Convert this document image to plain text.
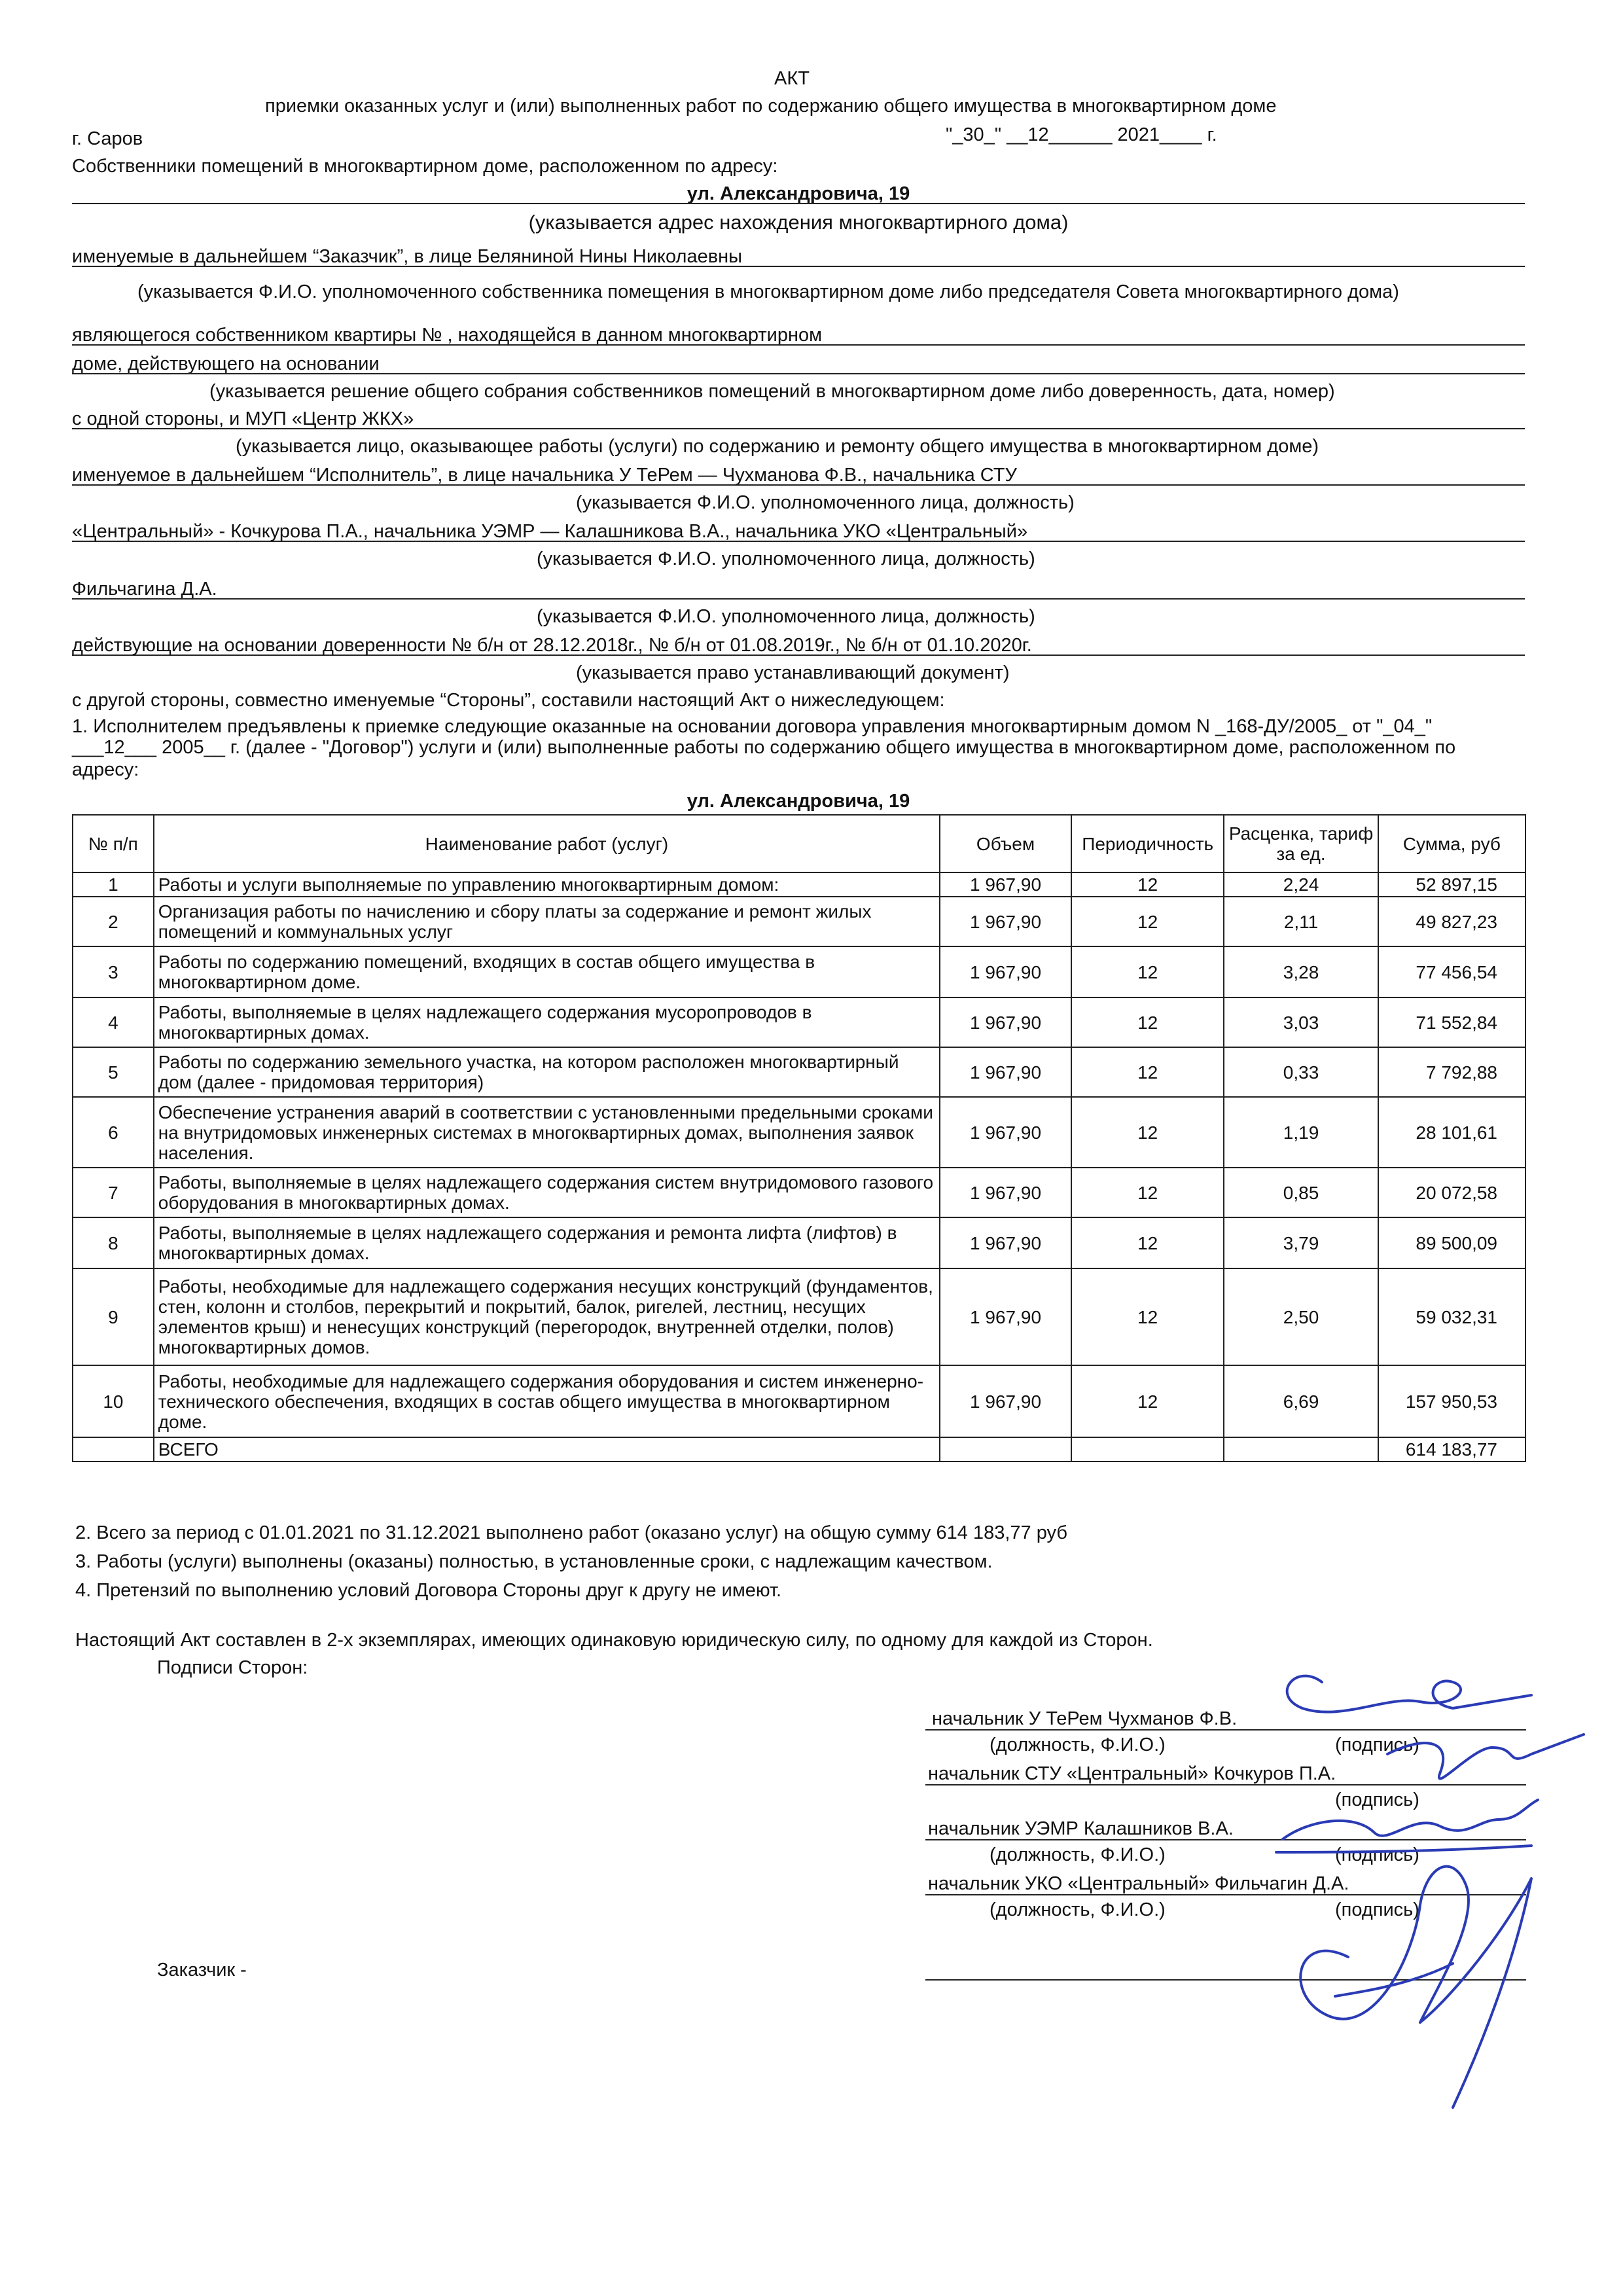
АКТ
приемки оказанных услуг и (или) выполненных работ по содержанию общего имущества в многоквартирном доме
г. Саров	"_30_" __12______ 2021____ г.
Собственники помещений в многоквартирном доме, расположенном по адресу:
ул. Александровича, 19
(указывается адрес нахождения многоквартирного дома)
именуемые в дальнейшем “Заказчик”, в лице Беляниной Нины Николаевны
(указывается Ф.И.О. уполномоченного собственника помещения в многоквартирном доме либо председателя Совета многоквартирного дома)
являющегося собственником квартиры № , находящейся в данном многоквартирном
доме, действующего на основании
(указывается решение общего собрания собственников помещений в многоквартирном доме либо доверенность, дата, номер)
с одной стороны, и МУП «Центр ЖКХ»
(указывается лицо, оказывающее работы (услуги) по содержанию и ремонту общего имущества в многоквартирном доме)
именуемое в дальнейшем “Исполнитель”, в лице начальника У ТеРем — Чухманова Ф.В., начальника СТУ
(указывается Ф.И.О. уполномоченного лица, должность)
«Центральный» - Кочкурова П.А., начальника УЭМР — Калашникова В.А., начальника УКО «Центральный»
(указывается Ф.И.О. уполномоченного лица, должность)
Фильчагина Д.А.
(указывается Ф.И.О. уполномоченного лица, должность)
действующие на основании доверенности № б/н от 28.12.2018г., № б/н от 01.08.2019г., № б/н от 01.10.2020г.
(указывается право устанавливающий документ)
с другой стороны, совместно именуемые “Стороны”, составили настоящий Акт о нижеследующем:
1. Исполнителем предъявлены к приемке следующие оказанные на основании договора управления многоквартирным домом N _168-ДУ/2005_ от "_04_"
___12___ 2005__ г. (далее - "Договор") услуги и (или) выполненные работы по содержанию общего имущества в многоквартирном доме, расположенном по
адресу:
ул. Александровича, 19
№ п/п	Наименование работ (услуг)	Объем	Периодичность	Расценка, тариф за ед.	Сумма, руб
1	Работы и услуги выполняемые по управлению многоквартирным домом:	1 967,90	12	2,24	52 897,15
2	Организация работы по начислению и сбору платы за содержание и ремонт жилых помещений и коммунальных услуг	1 967,90	12	2,11	49 827,23
3	Работы по содержанию помещений, входящих в состав общего имущества в многоквартирном доме.	1 967,90	12	3,28	77 456,54
4	Работы, выполняемые в целях надлежащего содержания мусоропроводов в многоквартирных домах.	1 967,90	12	3,03	71 552,84
5	Работы по содержанию земельного участка, на котором расположен многоквартирный дом (далее - придомовая территория)	1 967,90	12	0,33	7 792,88
6	Обеспечение устранения аварий в соответствии с установленными предельными сроками на внутридомовых инженерных системах в многоквартирных домах, выполнения заявок населения.	1 967,90	12	1,19	28 101,61
7	Работы, выполняемые в целях надлежащего содержания систем внутридомового газового оборудования в многоквартирных домах.	1 967,90	12	0,85	20 072,58
8	Работы, выполняемые в целях надлежащего содержания и ремонта лифта (лифтов) в многоквартирных домах.	1 967,90	12	3,79	89 500,09
9	Работы, необходимые для надлежащего содержания несущих конструкций (фундаментов, стен, колонн и столбов, перекрытий и покрытий, балок, ригелей, лестниц, несущих элементов крыш) и ненесущих конструкций (перегородок, внутренней отделки, полов) многоквартирных домов.	1 967,90	12	2,50	59 032,31
10	Работы, необходимые для надлежащего содержания оборудования и систем инженерно-технического обеспечения, входящих в состав общего имущества в многоквартирном доме.	1 967,90	12	6,69	157 950,53
	ВСЕГО				614 183,77
2. Всего за период с 01.01.2021 по 31.12.2021 выполнено работ (оказано услуг) на общую сумму 614 183,77 руб
3. Работы (услуги) выполнены (оказаны) полностью, в установленные сроки, с надлежащим качеством.
4. Претензий по выполнению условий Договора Стороны друг к другу не имеют.
Настоящий Акт составлен в 2-х экземплярах, имеющих одинаковую юридическую силу, по одному для каждой из Сторон.
Подписи Сторон:
начальник У ТеРем Чухманов Ф.В.
(должность, Ф.И.О.)	(подпись)
начальник СТУ «Центральный» Кочкуров П.А.
(подпись)
начальник УЭМР Калашников В.А.
(должность, Ф.И.О.)	(подпись)
начальник УКО «Центральный» Фильчагин Д.А.
(должность, Ф.И.О.)	(подпись)
Заказчик -
